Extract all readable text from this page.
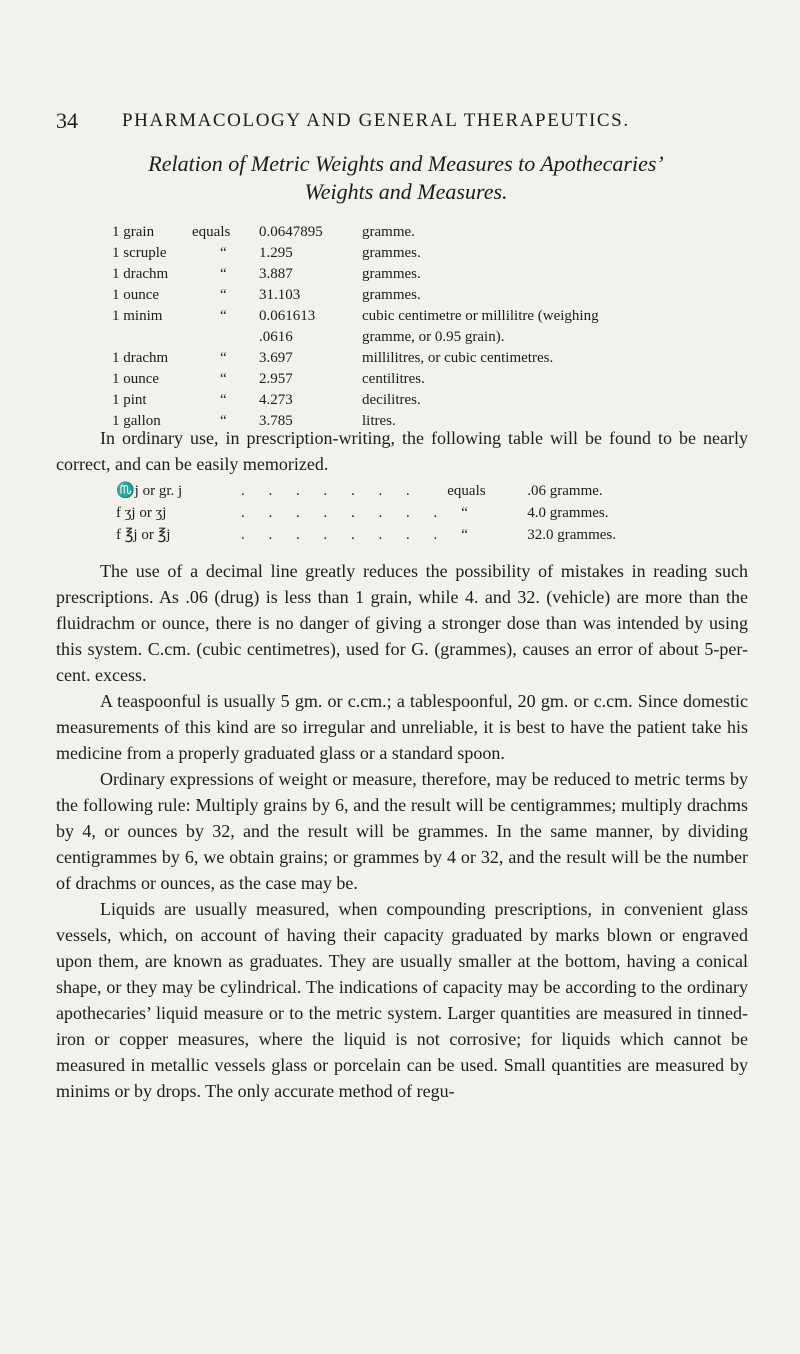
34 PHARMACOLOGY AND GENERAL THERAPEUTICS.
Relation of Metric Weights and Measures to Apothecaries’
Weights and Measures.
1 grain	equals	0.0647895	gramme.
1 scruple	“	1.295	grammes.
1 drachm	“	3.887	grammes.
1 ounce	“	31.103	grammes.
1 minim	“	0.061613	cubic centimetre or millilitre (weighing
		.0616	gramme, or 0.95 grain).
1 drachm	“	3.697	millilitres, or cubic centimetres.
1 ounce	“	2.957	centilitres.
1 pint	“	4.273	decilitres.
1 gallon	“	3.785	litres.

In ordinary use, in prescription-writing, the following table will be found to be nearly correct, and can be easily memorized.

♏j or gr. j	. . . . . . .	equals	.06 gramme.
f ʒj or ʒj	. . . . . . . .	“	4.0 grammes.
f ℥j or ℥j	. . . . . . . .	“	32.0 grammes.

The use of a decimal line greatly reduces the possibility of mistakes in reading such prescriptions. As .06 (drug) is less than 1 grain, while 4. and 32. (vehicle) are more than the fluidrachm or ounce, there is no danger of giving a stronger dose than was intended by using this system. C.cm. (cubic centimetres), used for G. (grammes), causes an error of about 5-per-cent. excess.

A teaspoonful is usually 5 gm. or c.cm.; a tablespoonful, 20 gm. or c.cm. Since domestic measurements of this kind are so irregular and unreliable, it is best to have the patient take his medicine from a properly graduated glass or a standard spoon.

Ordinary expressions of weight or measure, therefore, may be reduced to metric terms by the following rule: Multiply grains by 6, and the result will be centigrammes; multiply drachms by 4, or ounces by 32, and the result will be grammes. In the same manner, by dividing centigrammes by 6, we obtain grains; or grammes by 4 or 32, and the result will be the number of drachms or ounces, as the case may be.

Liquids are usually measured, when compounding prescriptions, in convenient glass vessels, which, on account of having their capacity graduated by marks blown or engraved upon them, are known as graduates. They are usually smaller at the bottom, having a conical shape, or they may be cylindrical. The indications of capacity may be according to the ordinary apothecaries’ liquid measure or to the metric system. Larger quantities are measured in tinned-iron or copper measures, where the liquid is not corrosive; for liquids which cannot be measured in metallic vessels glass or porcelain can be used. Small quantities are measured by minims or by drops. The only accurate method of regu-
